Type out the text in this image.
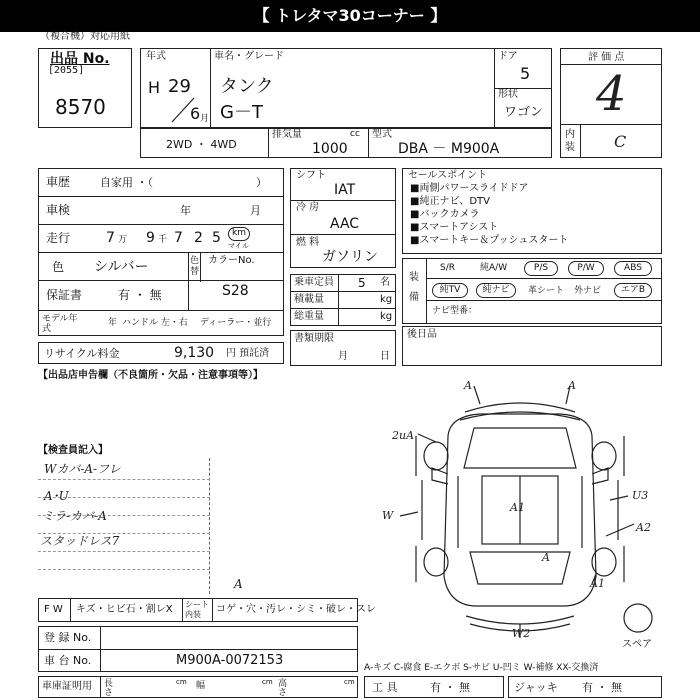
【 トレタマ30コーナー 】
（複合機）対応用紙
出品 No.
[2055]
8570
年式
H 29
6 月
車名・グレード
タンク
G－T
ドア
5
形状
ワゴン
評 価 点
4
内装 C
2WD ・ 4WD
排気量	cc
1000
型式
DBA － M900A
車歴	自家用 ・（	）
車検	年	月
走行	7 万 9 千 7 2 5 km
マイル
色 シルバー	色替
カラーNo.
S28
保証書	有 ・ 無
モデル年式
年 ハンドル 左・右 ディーラー・並行
リサイクル料金	9,130 円 預託済
シフト
IAT
冷 房
AAC
燃 料
ガソリン
乗車定員 5 名
積載量	kg
総重量	kg
書類期限
月	日
セールスポイント
■両側パワースライドドア
■純正ナビ、DTV
■バックカメラ
■スマートアシスト
■スマートキー＆プッシュスタート
装備
S/R	純A/W	P/S	P/W	ABS
純TV	純ナビ	革シート 外ナビ	エアB
ナビ型番：
後日品
【出品店申告欄（不良箇所・欠品・注意事項等）】
【検査員記入】
Wカバ-A-フレ
A･U
ミラ-カバ-A
スタッドレス7
F W キズ・ヒビ石・割レX シート内装	コゲ・穴・汚レ・シミ・破レ・スレ
A
登 録 No.
車 台 No.	M900A-0072153
車庫証明用 長さ
cm 幅	cm 高さ
cm
A-キズ C-腐食 E-エクボ S-サビ U-凹ミ W-補修 XX-交換済
工 具	有 ・ 無	ジャッキ 有 ・ 無
A	A
2uA
U3
A2
W
A1
A1
W2
A
スペア
